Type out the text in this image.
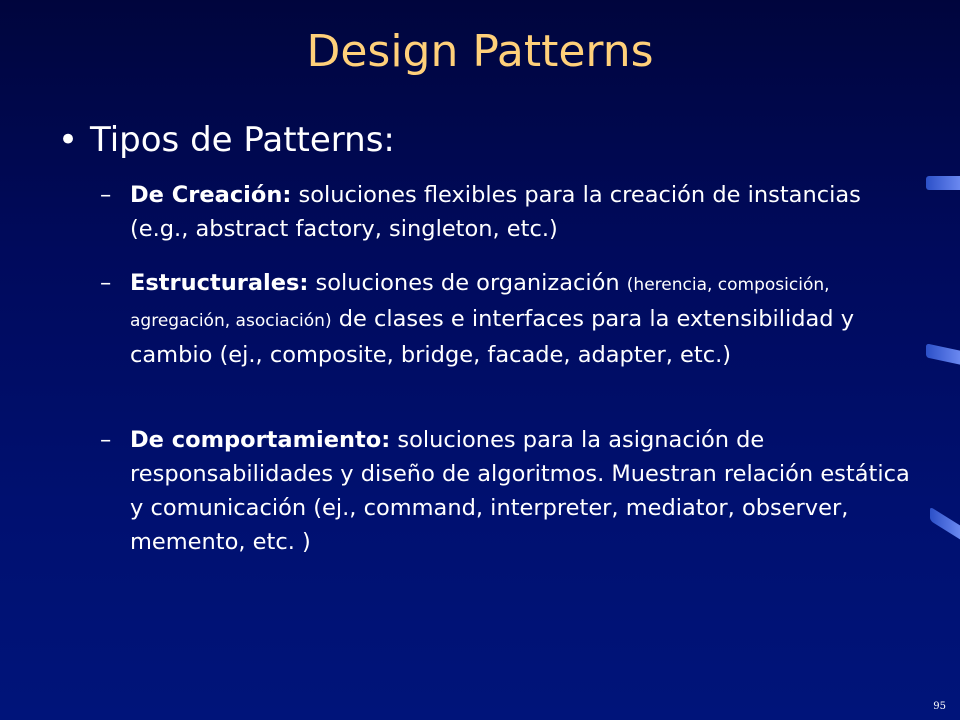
Design Patterns
• Tipos de Patterns:
– De Creación: soluciones flexibles para la creación de instancias (e.g., abstract factory, singleton, etc.)
– Estructurales: soluciones de organización (herencia, composición, agregación, asociación) de clases e interfaces para la extensibilidad y cambio (ej., composite, bridge, facade, adapter, etc.)
– De comportamiento: soluciones para la asignación de responsabilidades y diseño de algoritmos. Muestran relación estática y comunicación (ej., command, interpreter, mediator, observer, memento, etc. )
95
